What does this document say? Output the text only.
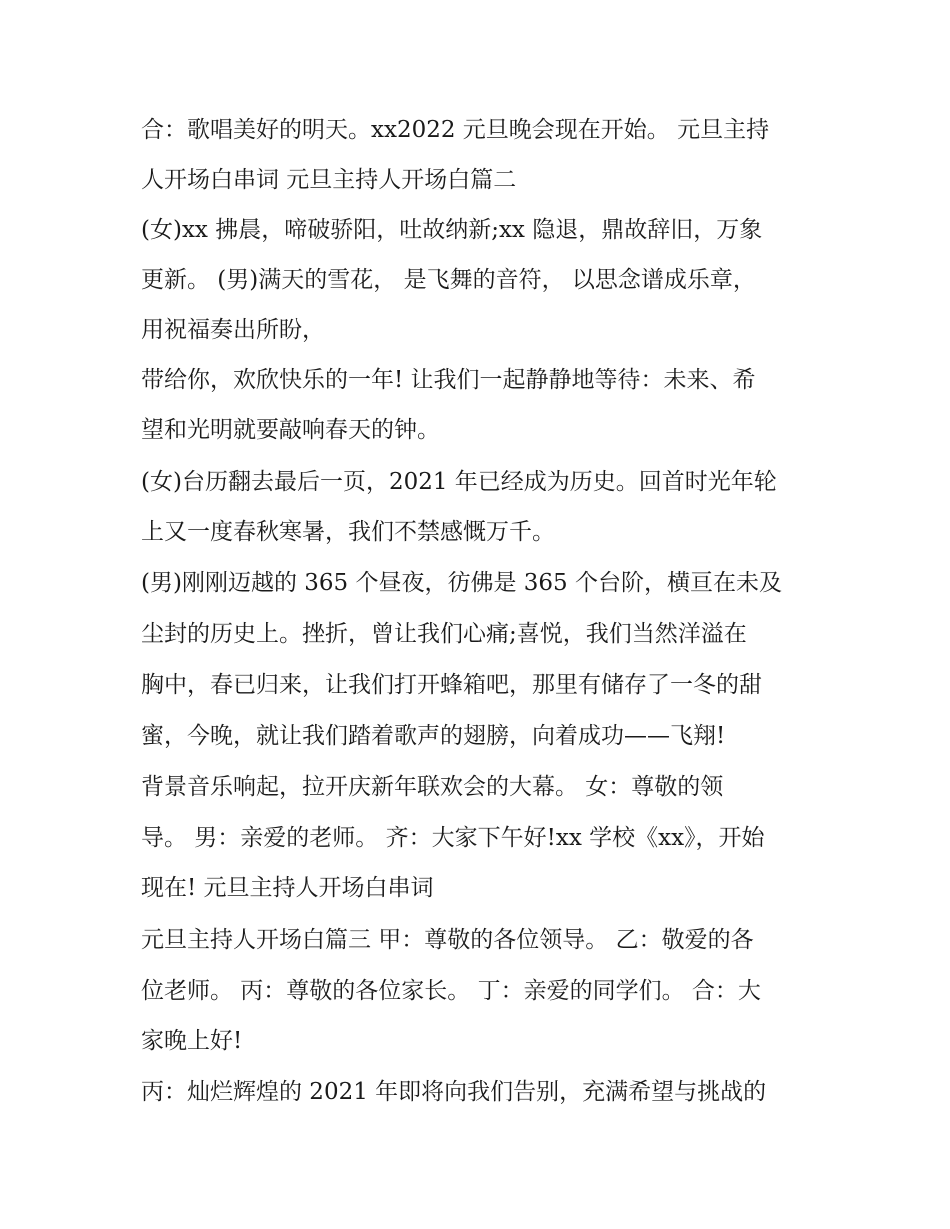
合：歌唱美好的明天。xx2022 元旦晚会现在开始。 元旦主持

人开场白串词 元旦主持人开场白篇二

(女)xx 拂晨，啼破骄阳，吐故纳新;xx 隐退，鼎故辞旧，万象

更新。 (男)满天的雪花， 是飞舞的音符， 以思念谱成乐章，

用祝福奏出所盼，

带给你，欢欣快乐的一年! 让我们一起静静地等待：未来、希

望和光明就要敲响春天的钟。

(女)台历翻去最后一页，2021 年已经成为历史。回首时光年轮

上又一度春秋寒暑，我们不禁感慨万千。

(男)刚刚迈越的 365 个昼夜，彷佛是 365 个台阶，横亘在未及

尘封的历史上。挫折，曾让我们心痛;喜悦，我们当然洋溢在

胸中，春已归来，让我们打开蜂箱吧，那里有储存了一冬的甜

蜜，今晚，就让我们踏着歌声的翅膀，向着成功——飞翔!

背景音乐响起，拉开庆新年联欢会的大幕。 女：尊敬的领

导。 男：亲爱的老师。 齐：大家下午好!xx 学校《xx》，开始

现在! 元旦主持人开场白串词

元旦主持人开场白篇三 甲：尊敬的各位领导。 乙：敬爱的各

位老师。 丙：尊敬的各位家长。 丁：亲爱的同学们。 合：大

家晚上好!

丙：灿烂辉煌的 2021 年即将向我们告别，充满希望与挑战的
